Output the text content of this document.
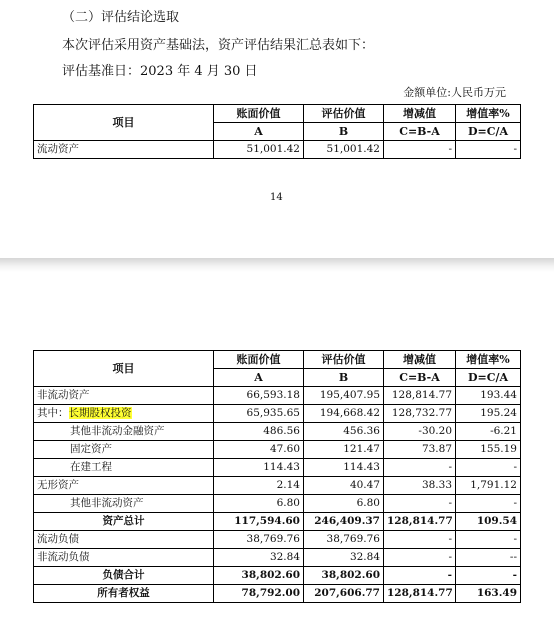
（二）评估结论选取
本次评估采用资产基础法，资产评估结果汇总表如下：
评估基准日：2023 年 4 月 30 日
金额单位:人民币万元
项目	账面价值	评估价值	增减值	增值率%
	A	B	C=B-A	D=C/A
流动资产	51,001.42	51,001.42	-	-
14
项目	账面价值	评估价值	增减值	增值率%
	A	B	C=B-A	D=C/A
非流动资产	66,593.18	195,407.95	128,814.77	193.44
其中：长期股权投资	65,935.65	194,668.42	128,732.77	195.24
其他非流动金融资产	486.56	456.36	-30.20	-6.21
固定资产	47.60	121.47	73.87	155.19
在建工程	114.43	114.43	-	-
无形资产	2.14	40.47	38.33	1,791.12
其他非流动资产	6.80	6.80	-	-
资产总计	117,594.60	246,409.37	128,814.77	109.54
流动负债	38,769.76	38,769.76	-	-
非流动负债	32.84	32.84	-	--
负债合计	38,802.60	38,802.60	-	-
所有者权益	78,792.00	207,606.77	128,814.77	163.49
